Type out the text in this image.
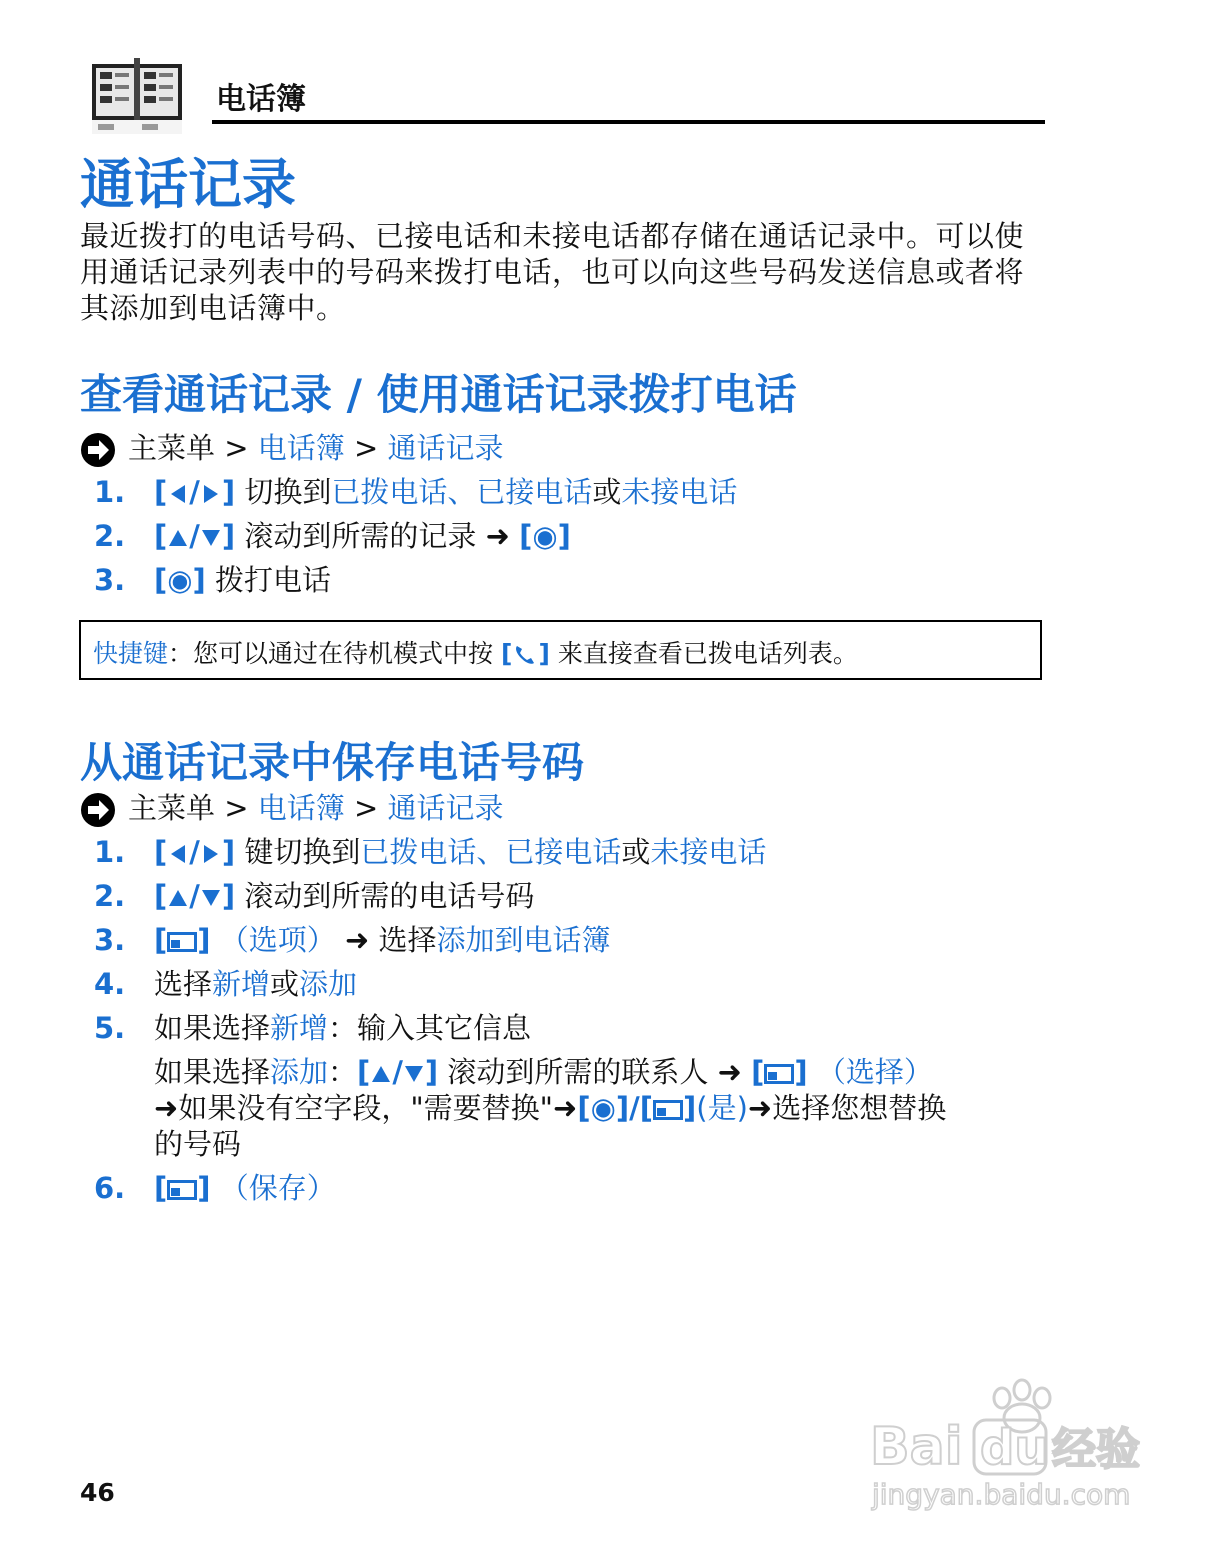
电话簿
通话记录
最近拨打的电话号码、已接电话和未接电话都存储在通话记录中。可以使用通话记录列表中的号码来拨打电话，也可以向这些号码发送信息或者将其添加到电话簿中。
查看通话记录 / 使用通话记录拨打电话
主菜单 > 电话簿 > 通话记录
1. [ / ] 切换到已拨电话、已接电话或未接电话
2. [ / ] 滚动到所需的记录 ➜ [◉]
3. [◉] 拨打电话
快捷键：您可以通过在待机模式中按 [ ] 来直接查看已拨电话列表。
从通话记录中保存电话号码
主菜单 > 电话簿 > 通话记录
1. [ / ] 键切换到已拨电话、已接电话或未接电话
2. [ / ] 滚动到所需的电话号码
3. [ ] （选项） ➜ 选择添加到电话簿
4. 选择新增或添加
5. 如果选择新增：输入其它信息
如果选择添加：[ / ] 滚动到所需的联系人 ➜ [ ] （选择）
➜如果没有空字段，"需要替换"➜[◉]/[ ](是)➜选择您想替换
的号码
6. [ ] （保存）
46
Bai du 经验
jingyan.baidu.com
